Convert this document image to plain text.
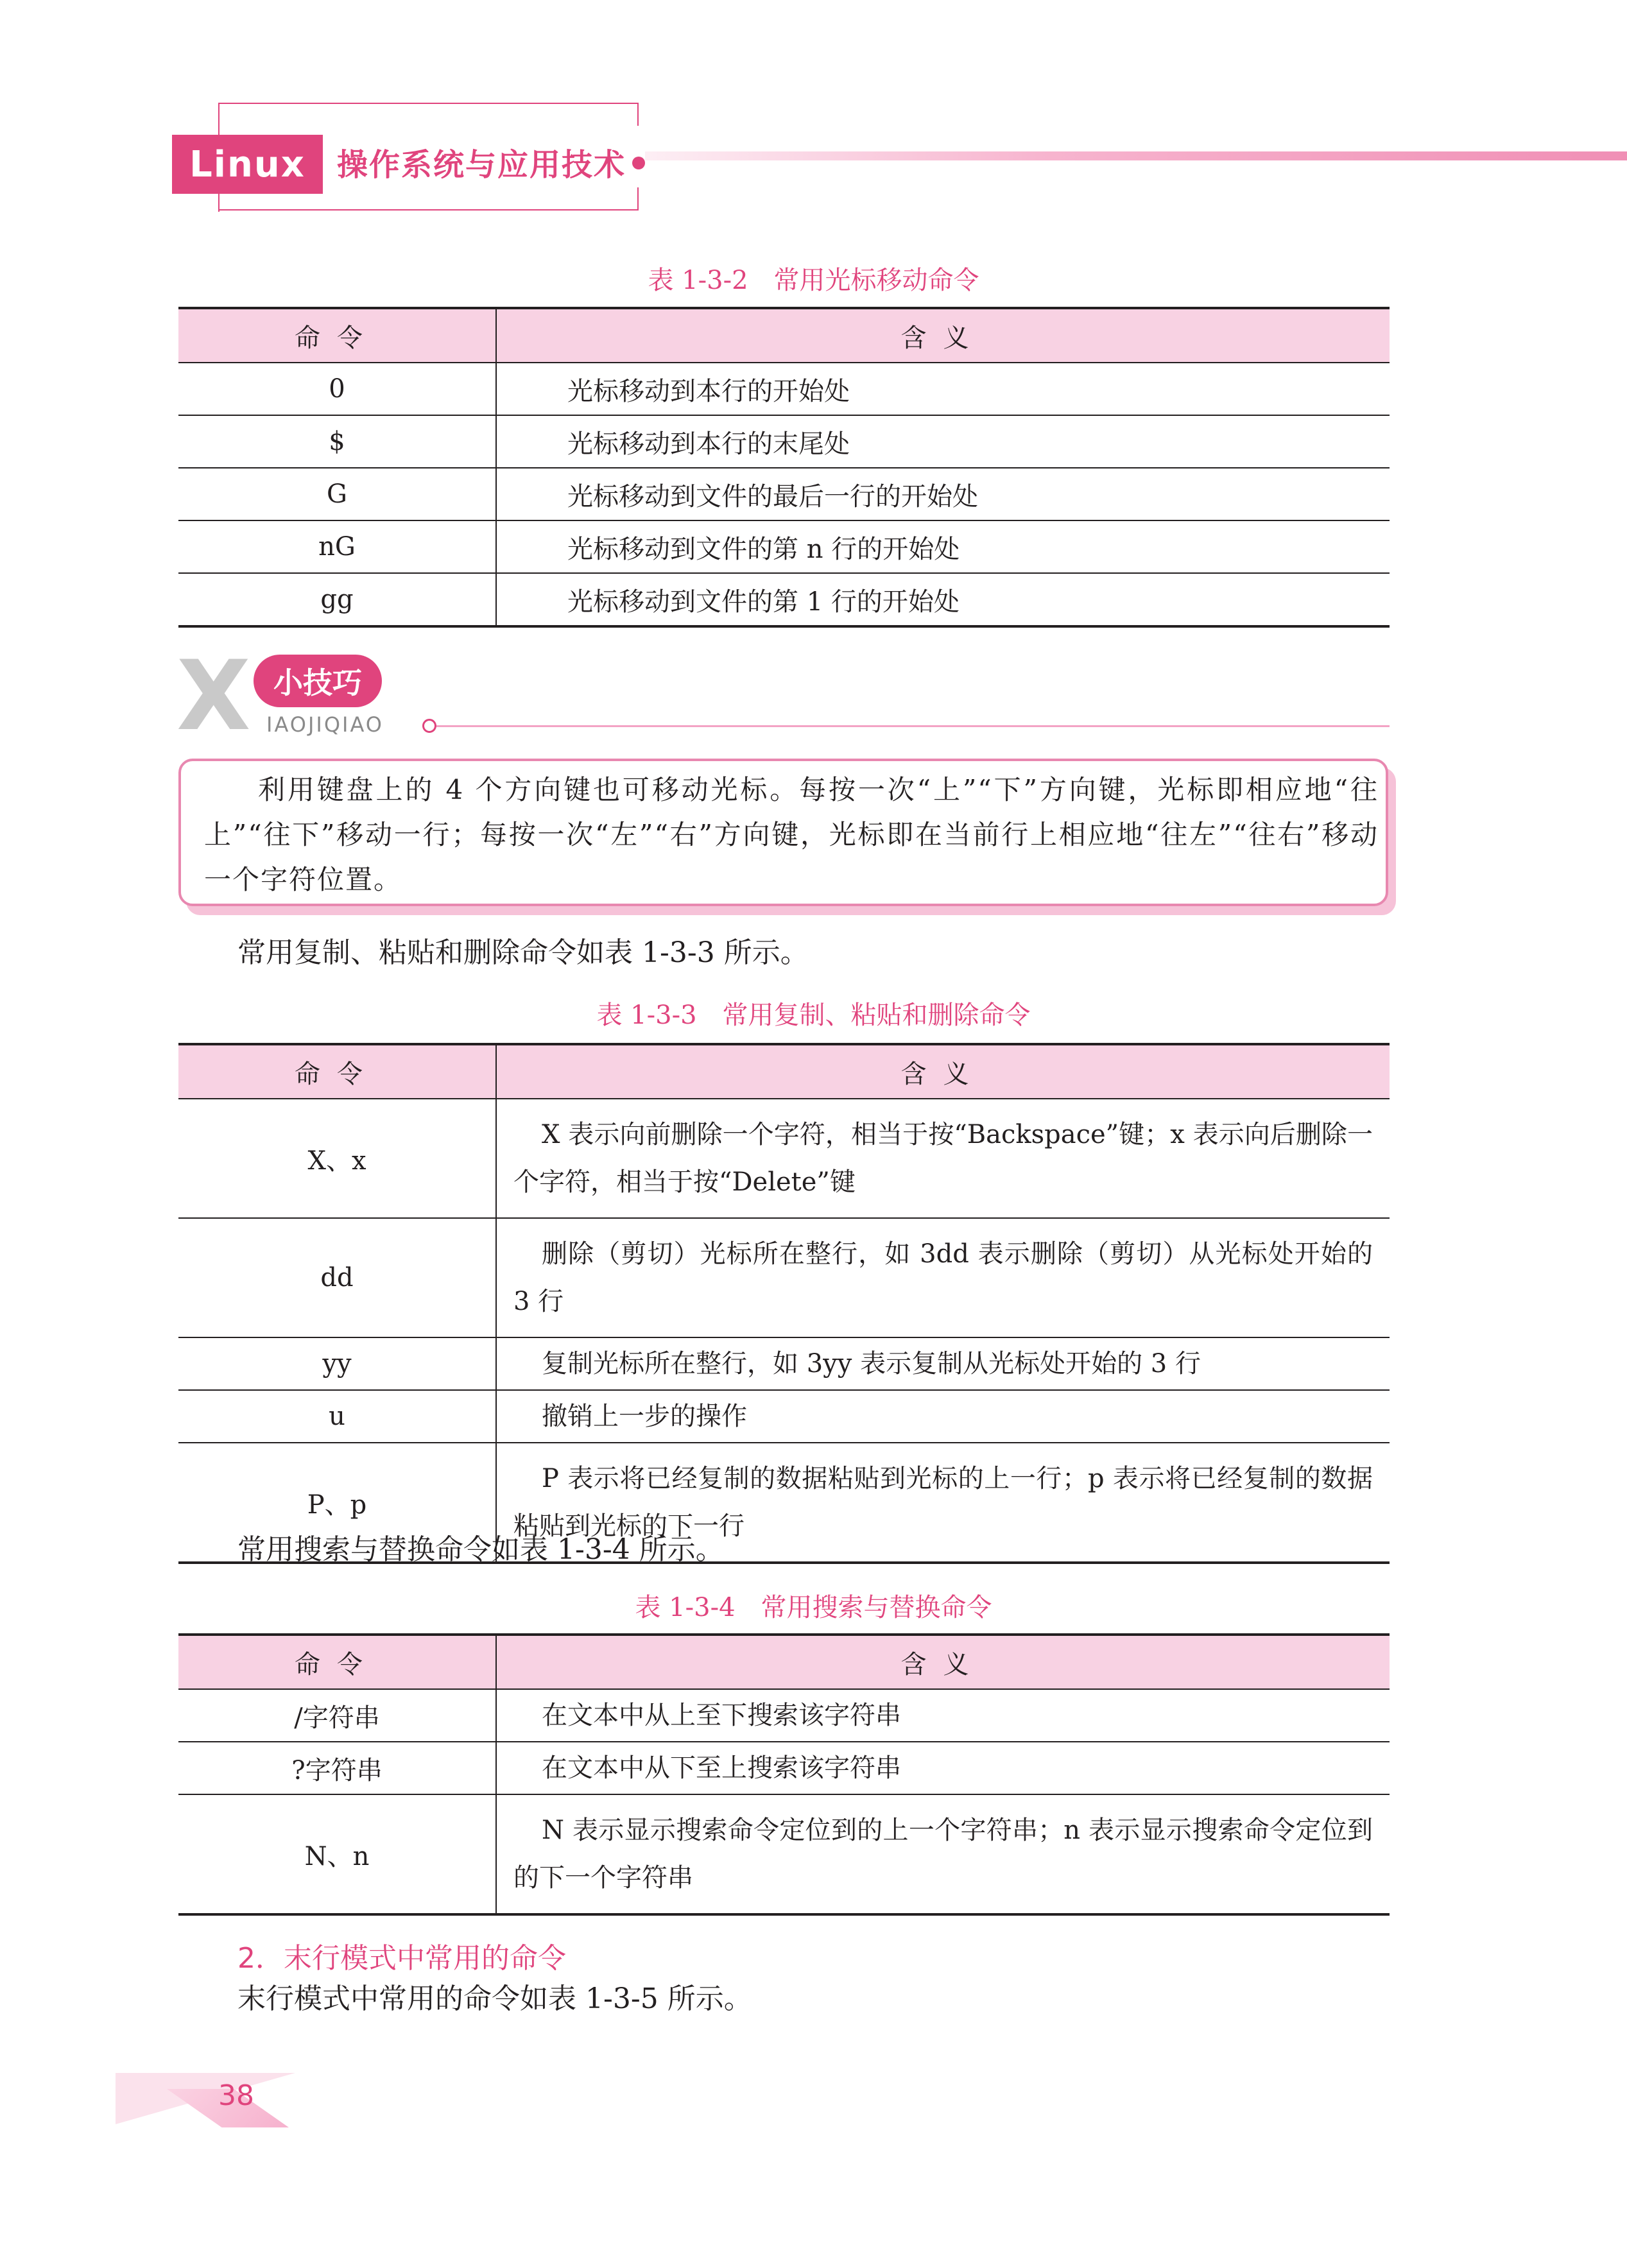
Linux	操作系统与应用技术
表 1-3-2 常用光标移动命令
命令	含义
0	光标移动到本行的开始处
$	光标移动到本行的末尾处
G	光标移动到文件的最后一行的开始处
nG	光标移动到文件的第 n 行的开始处
gg	光标移动到文件的第 1 行的开始处
X 小技巧
IAOJIQIAO
利用键盘上的 4 个方向键也可移动光标。每按一次“上”“下”方向键，光标即相应地“往上”“往下”移动一行；每按一次“左”“右”方向键，光标即在当前行上相应地“往左”“往右”移动一个字符位置。
常用复制、粘贴和删除命令如表 1-3-3 所示。
表 1-3-3 常用复制、粘贴和删除命令
命令	含义
X、x	X 表示向前删除一个字符，相当于按“Backspace”键；x 表示向后删除一个字符，相当于按“Delete”键
dd	删除（剪切）光标所在整行，如 3dd 表示删除（剪切）从光标处开始的 3 行
yy	复制光标所在整行，如 3yy 表示复制从光标处开始的 3 行
u	撤销上一步的操作
P、p	P 表示将已经复制的数据粘贴到光标的上一行；p 表示将已经复制的数据粘贴到光标的下一行
常用搜索与替换命令如表 1-3-4 所示。
表 1-3-4 常用搜索与替换命令
命令	含义
/字符串	在文本中从上至下搜索该字符串
?字符串	在文本中从下至上搜索该字符串
N、n	N 表示显示搜索命令定位到的上一个字符串；n 表示显示搜索命令定位到的下一个字符串
2．末行模式中常用的命令
末行模式中常用的命令如表 1-3-5 所示。
38
